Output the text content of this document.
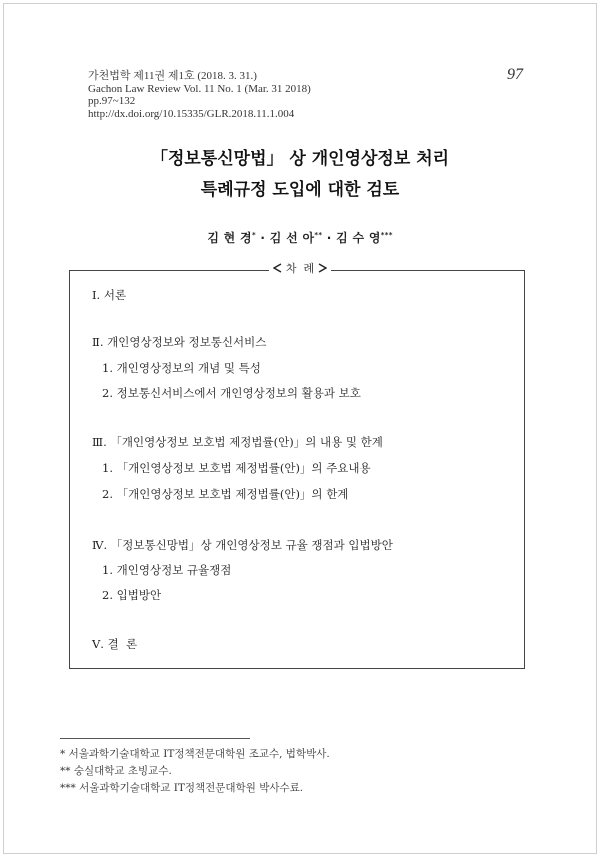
가천법학 제11권 제1호 (2018. 3. 31.)
Gachon Law Review Vol. 11 No. 1 (Mar. 31 2018)
pp.97~132
http://dx.doi.org/10.15335/GLR.2018.11.1.004
97
「정보통신망법」 상 개인영상정보 처리
특례규정 도입에 대한 검토
김 현 경* · 김 선 아** · 김 수 영***
차  례
Ⅰ. 서론
Ⅱ. 개인영상정보와 정보통신서비스
1. 개인영상정보의 개념 및 특성
2. 정보통신서비스에서 개인영상정보의 활용과 보호
Ⅲ. 「개인영상정보 보호법 제정법률(안)」의 내용 및 한계
1. 「개인영상정보 보호법 제정법률(안)」의 주요내용
2. 「개인영상정보 보호법 제정법률(안)」의 한계
Ⅳ. 「정보통신망법」상 개인영상정보 규율 쟁점과 입법방안
1. 개인영상정보 규율쟁점
2. 입법방안
Ⅴ. 결  론
* 서울과학기술대학교 IT정책전문대학원 조교수, 법학박사.
** 숭실대학교 초빙교수.
*** 서울과학기술대학교 IT정책전문대학원 박사수료.
